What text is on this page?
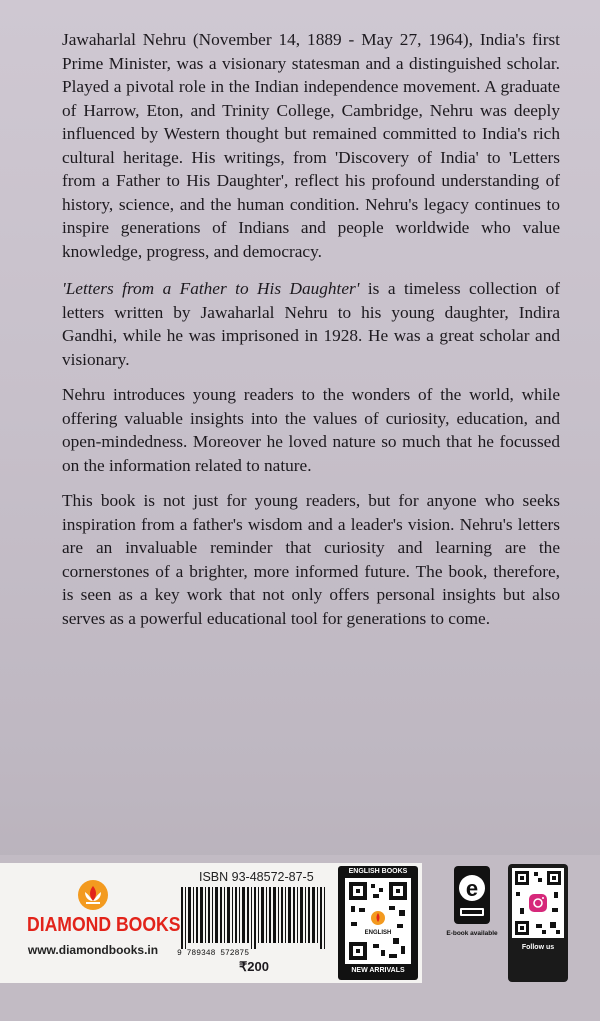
Jawaharlal Nehru (November 14, 1889 - May 27, 1964), India's first Prime Minister, was a visionary statesman and a distinguished scholar. Played a pivotal role in the Indian independence movement. A graduate of Harrow, Eton, and Trinity College, Cambridge, Nehru was deeply influenced by Western thought but remained committed to India's rich cultural heritage. His writings, from 'Discovery of India' to 'Letters from a Father to His Daughter', reflect his profound understanding of history, science, and the human condition. Nehru's legacy continues to inspire generations of Indians and people worldwide who value knowledge, progress, and democracy.

'Letters from a Father to His Daughter' is a timeless collection of letters written by Jawaharlal Nehru to his young daughter, Indira Gandhi, while he was imprisoned in 1928. He was a great scholar and visionary.

Nehru introduces young readers to the wonders of the world, while offering valuable insights into the values of curiosity, education, and open-mindedness. Moreover he loved nature so much that he focussed on the information related to nature.

This book is not just for young readers, but for anyone who seeks inspiration from a father's wisdom and a leader's vision. Nehru's letters are an invaluable reminder that curiosity and learning are the cornerstones of a brighter, more informed future. The book, therefore, is seen as a key work that not only offers personal insights but also serves as a powerful educational tool for generations to come.

DIAMOND BOOKS
www.diamondbooks.in
ISBN 93-48572-87-5
9 789348 572875
₹200
ENGLISH BOOKS
ENGLISH
NEW ARRIVALS
e
E-book available
Follow us
